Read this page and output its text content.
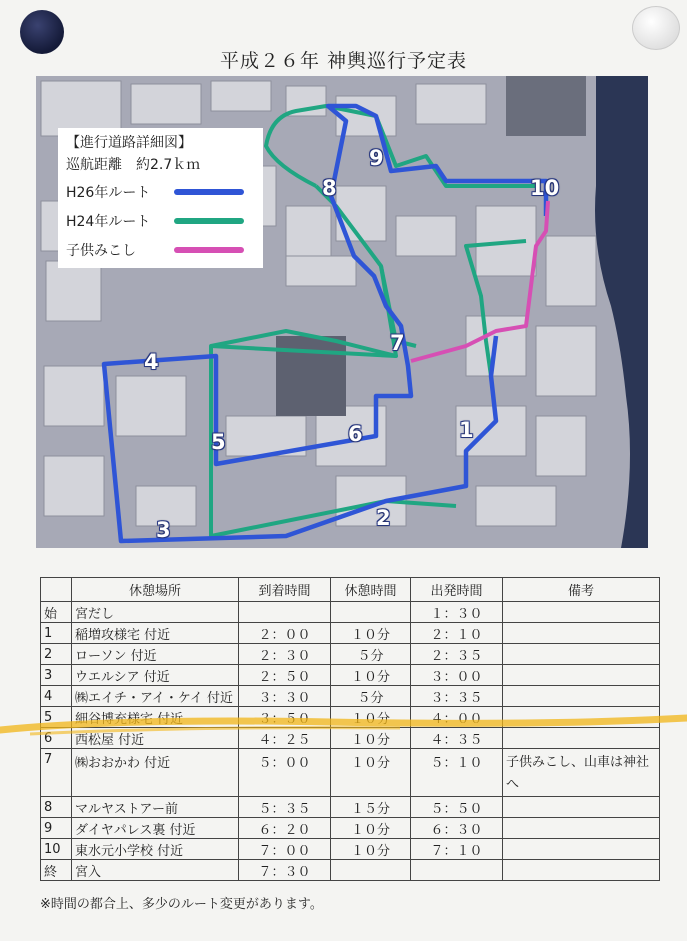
平成２６年 神輿巡行予定表
【進行道路詳細図】
巡航距離　約2.7ｋｍ
H26年ルート
H24年ルート
子供みこし
1
2
3
4
5	6
7
8
9
10
	休憩場所	到着時間	休憩時間	出発時間	備考
始	宮だし			１：３０	
1	稲増攻様宅 付近	２：００	１０分	２：１０	
2	ローソン 付近	２：３０	５分	２：３５	
3	ウエルシア 付近	２：５０	１０分	３：００	
4	㈱エイチ・アイ・ケイ 付近	３：３０	５分	３：３５	
5	細谷博充様宅 付近	３：５０	１０分	４：００	
6	西松屋 付近	４：２５	１０分	４：３５	
7	㈱おおかわ 付近	５：００	１０分	５：１０	子供みこし、山車は神社へ
8	マルヤストアー前	５：３５	１５分	５：５０	
9	ダイヤパレス裏 付近	６：２０	１０分	６：３０	
10	東水元小学校 付近	７：００	１０分	７：１０	
終	宮入	７：３０			
※時間の都合上、多少のルート変更があります。
